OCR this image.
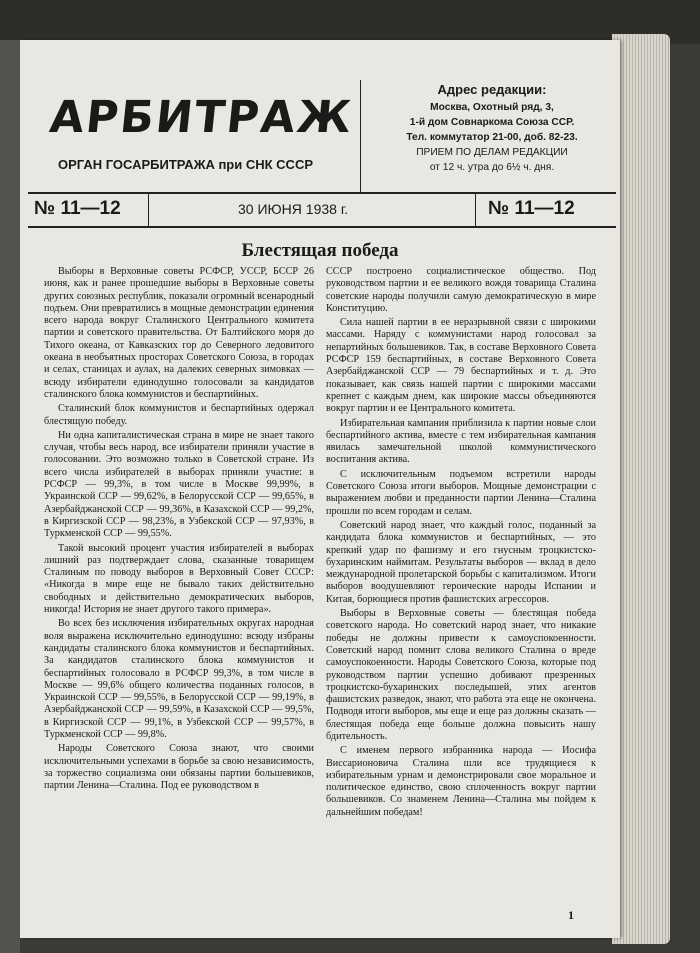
АРБИТРАЖ
ОРГАН ГОСАРБИТРАЖА при СНК СССР
Адрес редакции:
Москва, Охотный ряд, 3,
1-й дом Совнаркома Союза ССР.
Тел. коммутатор 21-00, доб. 82-23.
ПРИЕМ ПО ДЕЛАМ РЕДАКЦИИ
от 12 ч. утра до 6½ ч. дня.
№ 11—12	30 ИЮНЯ 1938 г.	№ 11—12
Блестящая победа

Выборы в Верховные советы РСФСР, УССР, БССР 26 июня, как и ранее прошедшие выборы в Верховные советы других союзных республик, показали огромный всенародный подъем. Они превратились в мощные демонстрации единения всего народа вокруг Сталинского Центрального комитета партии и советского правительства. От Балтийского моря до Тихого океана, от Кавказских гор до Северного ледовитого океана в необъятных просторах Советского Союза, в городах и селах, станицах и аулах, на далеких северных зимовках — всюду избиратели единодушно голосовали за кандидатов сталинского блока коммунистов и беспартийных.

Сталинский блок коммунистов и беспартийных одержал блестящую победу.

Ни одна капиталистическая страна в мире не знает такого случая, чтобы весь народ, все избиратели приняли участие в голосовании. Это возможно только в Советской стране. Из всего числа избирателей в выборах приняли участие: в РСФСР — 99,3%, в том числе в Москве 99,99%, в Украинской ССР — 99,62%, в Белорусской ССР — 99,65%, в Азербайджанской ССР — 99,36%, в Казахской ССР — 99,2%, в Киргизской ССР — 98,23%, в Узбекской ССР — 97,93%, в Туркменской ССР — 99,55%.

Такой высокий процент участия избирателей в выборах лишний раз подтверждает слова, сказанные товарищем Сталиным по поводу выборов в Верховный Совет СССР: «Никогда в мире еще не бывало таких действительно свободных и действительно демократических выборов, никогда! История не знает другого такого примера».

Во всех без исключения избирательных округах народная воля выражена исключительно единодушно: всюду избраны кандидаты сталинского блока коммунистов и беспартийных. За кандидатов сталинского блока коммунистов и беспартийных голосовало в РСФСР 99,3%, в том числе в Москве — 99,6% общего количества поданных голосов, в Украинской ССР — 99,55%, в Белорусской ССР — 99,19%, в Азербайджанской ССР — 99,59%, в Казахской ССР — 99,5%, в Киргизской ССР — 99,1%, в Узбекской ССР — 99,57%, в Туркменской ССР — 99,8%.

Народы Советского Союза знают, что своими исключительными успехами в борьбе за свою независимость, за торжество социализма они обязаны партии большевиков, партии Ленина—Сталина. Под ее руководством в

СССР построено социалистическое общество. Под руководством партии и ее великого вождя товарища Сталина советские народы получили самую демократическую в мире Конституцию.

Сила нашей партии в ее неразрывной связи с широкими массами. Наряду с коммунистами народ голосовал за непартийных большевиков. Так, в составе Верховного Совета РСФСР 159 беспартийных, в составе Верховного Совета Азербайджанской ССР — 79 беспартийных и т. д. Это показывает, как связь нашей партии с широкими массами крепнет с каждым днем, как широкие массы объединяются вокруг партии и ее Центрального комитета.

Избирательная кампания приблизила к партии новые слои беспартийного актива, вместе с тем избирательная кампания явилась замечательной школой коммунистического воспитания актива.

С исключительным подъемом встретили народы Советского Союза итоги выборов. Мощные демонстрации с выражением любви и преданности партии Ленина—Сталина прошли по всем городам и селам.

Советский народ знает, что каждый голос, поданный за кандидата блока коммунистов и беспартийных, — это крепкий удар по фашизму и его гнусным троцкистско-бухаринским наймитам. Результаты выборов — вклад в дело международной пролетарской борьбы с капитализмом. Итоги выборов воодушевляют героические народы Испании и Китая, борющиеся против фашистских агрессоров.

Выборы в Верховные советы — блестящая победа советского народа. Но советский народ знает, что никакие победы не должны привести к самоуспокоенности. Советский народ помнит слова великого Сталина о вреде самоуспокоенности. Народы Советского Союза, которые под руководством партии успешно добивают презренных троцкистско-бухаринских последышей, этих агентов фашистских разведок, знают, что работа эта еще не окончена. Подводя итоги выборов, мы еще и еще раз должны сказать — блестящая победа еще больше должна повысить нашу бдительность.

С именем первого избранника народа — Иосифа Виссарионовича Сталина шли все трудящиеся к избирательным урнам и демонстрировали свое моральное и политическое единство, свою сплоченность вокруг партии большевиков. Со знаменем Ленина—Сталина мы пойдем к дальнейшим победам!

1
